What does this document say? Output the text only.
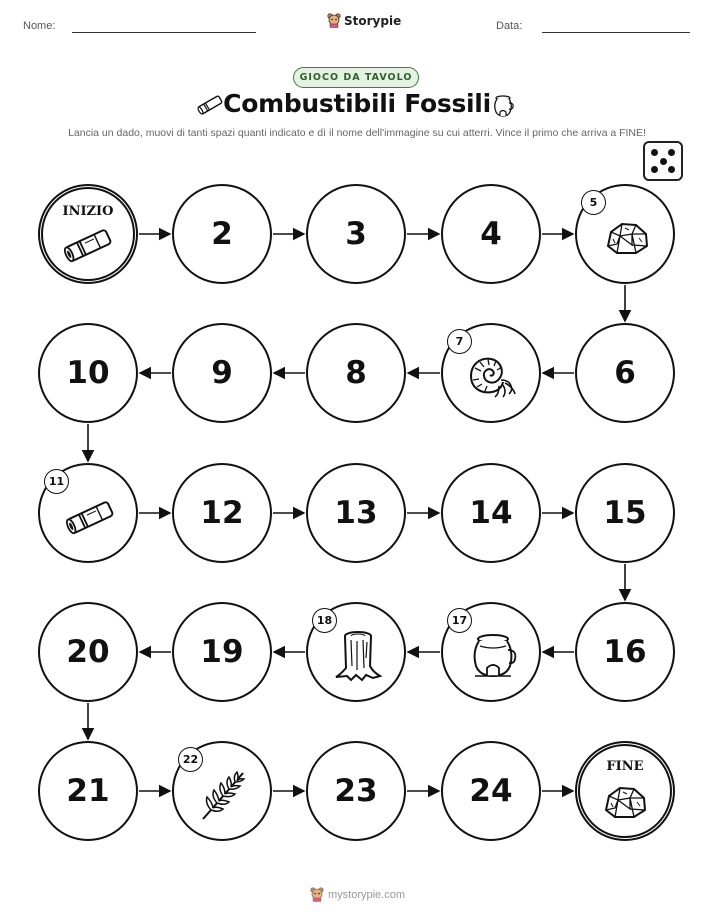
Nome:	Storypie	Data:
GIOCO DA TAVOLO
Combustibili Fossili
Lancia un dado, muovi di tanti spazi quanti indicato e dì il nome dell'immagine su cui atterri. Vince il primo che arriva a FINE!
INIZIO
2	3	4
5
6
7
8
9
10
11
12	13	14	15
16
17
18
19
20
21
22
23	24
FINE
mystorypie.com
